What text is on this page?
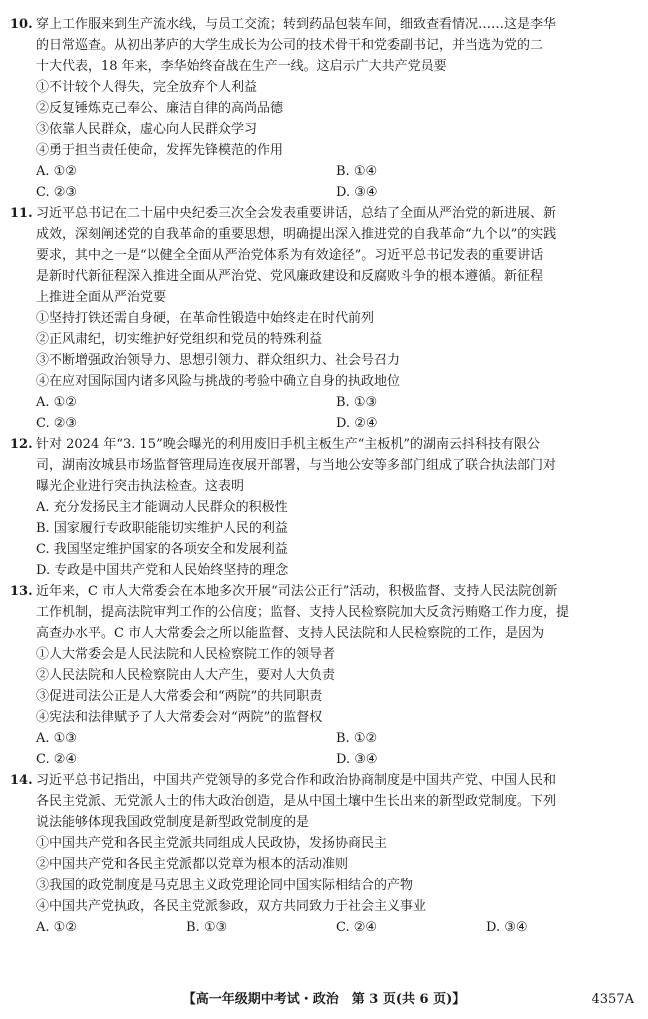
10. 穿上工作服来到生产流水线，与员工交流；转到药品包装车间，细致查看情况……这是李华
的日常巡查。从初出茅庐的大学生成长为公司的技术骨干和党委副书记，并当选为党的二
十大代表，18 年来，李华始终奋战在生产一线。这启示广大共产党员要
①不计较个人得失，完全放弃个人利益
②反复锤炼克己奉公、廉洁自律的高尚品德
③依靠人民群众，虚心向人民群众学习
④勇于担当责任使命，发挥先锋模范的作用
A. ①②	B. ①④
C. ②③	D. ③④
11. 习近平总书记在二十届中央纪委三次全会发表重要讲话，总结了全面从严治党的新进展、新
成效，深刻阐述党的自我革命的重要思想，明确提出深入推进党的自我革命“九个以”的实践
要求，其中之一是“以健全全面从严治党体系为有效途径”。习近平总书记发表的重要讲话
是新时代新征程深入推进全面从严治党、党风廉政建设和反腐败斗争的根本遵循。新征程
上推进全面从严治党要
①坚持打铁还需自身硬，在革命性锻造中始终走在时代前列
②正风肃纪，切实维护好党组织和党员的特殊利益
③不断增强政治领导力、思想引领力、群众组织力、社会号召力
④在应对国际国内诸多风险与挑战的考验中确立自身的执政地位
A. ①②	B. ①③
C. ②③	D. ②④
12. 针对 2024 年“3. 15”晚会曝光的利用废旧手机主板生产“主板机”的湖南云抖科技有限公
司，湖南汝城县市场监督管理局连夜展开部署，与当地公安等多部门组成了联合执法部门对
曝光企业进行突击执法检查。这表明
A. 充分发扬民主才能调动人民群众的积极性
B. 国家履行专政职能能切实维护人民的利益
C. 我国坚定维护国家的各项安全和发展利益
D. 专政是中国共产党和人民始终坚持的理念
13. 近年来，C 市人大常委会在本地多次开展“司法公正行”活动，积极监督、支持人民法院创新
工作机制，提高法院审判工作的公信度；监督、支持人民检察院加大反贪污贿赂工作力度，提
高查办水平。C 市人大常委会之所以能监督、支持人民法院和人民检察院的工作，是因为
①人大常委会是人民法院和人民检察院工作的领导者
②人民法院和人民检察院由人大产生，要对人大负责
③促进司法公正是人大常委会和“两院”的共同职责
④宪法和法律赋予了人大常委会对“两院”的监督权
A. ①③	B. ①②
C. ②④	D. ③④
14. 习近平总书记指出，中国共产党领导的多党合作和政治协商制度是中国共产党、中国人民和
各民主党派、无党派人士的伟大政治创造，是从中国土壤中生长出来的新型政党制度。下列
说法能够体现我国政党制度是新型政党制度的是
①中国共产党和各民主党派共同组成人民政协，发扬协商民主
②中国共产党和各民主党派都以党章为根本的活动准则
③我国的政党制度是马克思主义政党理论同中国实际相结合的产物
④中国共产党执政，各民主党派参政，双方共同致力于社会主义事业
A. ①②	B. ①③	C. ②④	D. ③④
【高一年级期中考试・政治　第 3 页(共 6 页)】	4357A
